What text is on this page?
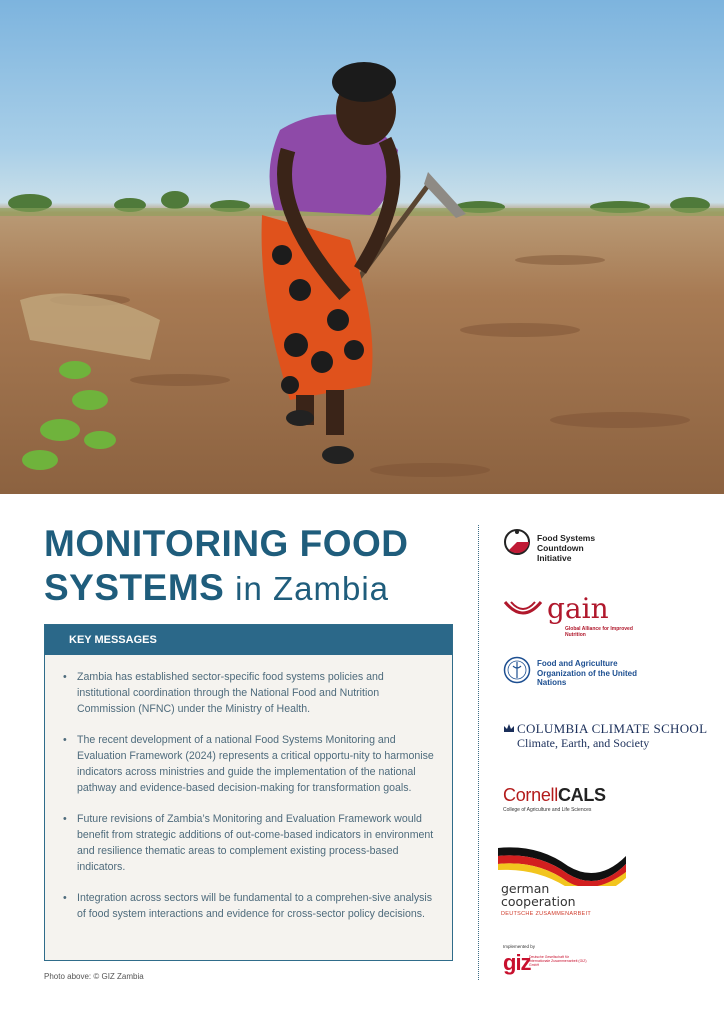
MONITORING FOOD
SYSTEMS in Zambia
KEY MESSAGES
• Zambia has established sector-specific food systems policies and institutional coordination through the National Food and Nutrition Commission (NFNC) under the Ministry of Health.
• The recent development of a national Food Systems Monitoring and Evaluation Framework (2024) represents a critical opportu-nity to harmonise indicators across ministries and guide the implementation of the national pathway and evidence-based decision-making for transformation goals.
• Future revisions of Zambia’s Monitoring and Evaluation Framework would benefit from strategic additions of out-come-based indicators in environment and resilience thematic areas to complement existing process-based indicators.
• Integration across sectors will be fundamental to a comprehen-sive analysis of food system interactions and evidence for cross-sector policy decisions.
Photo above: © GIZ Zambia
Food Systems Countdown Initiative
gain
Global Alliance for Improved Nutrition
Food and Agriculture Organization of the United Nations
COLUMBIA CLIMATE SCHOOL
Climate, Earth, and Society
CornellCALS
College of Agriculture and Life Sciences
german
cooperation
DEUTSCHE ZUSAMMENARBEIT
Implemented by
giz
Deutsche Gesellschaft für Internationale Zusammenarbeit (GIZ) GmbH
